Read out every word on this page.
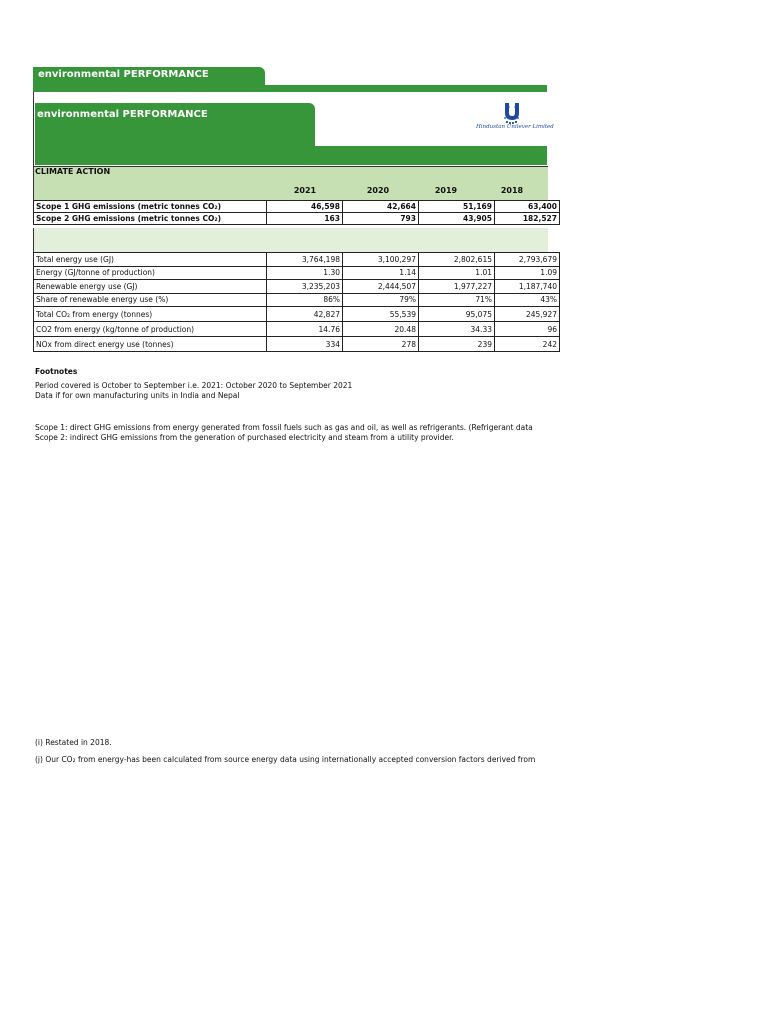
environmental PERFORMANCE
environmental PERFORMANCE
Hindustan Unilever Limited
CLIMATE ACTION
2021	2020	2019	2018
Scope 1 GHG emissions (metric tonnes CO₂)	46,598	42,664	51,169	63,400
Scope 2 GHG emissions (metric tonnes CO₂)	163	793	43,905	182,527
Total energy use (GJ)	3,764,198	3,100,297	2,802,615	2,793,679
Energy (GJ/tonne of production)	1.30	1.14	1.01	1.09
Renewable energy use (GJ)	3,235,203	2,444,507	1,977,227	1,187,740
Share of renewable energy use (%)	86%	79%	71%	43%
Total CO₂ from energy (tonnes)	42,827	55,539	95,075	245,927
CO2 from energy (kg/tonne of production)	14.76	20.48	34.33	96
NOx from direct energy use (tonnes)	334	278	239	242
Footnotes
Period covered is October to September i.e. 2021: October 2020 to September 2021
Data if for own manufacturing units in India and Nepal
Scope 1: direct GHG emissions from energy generated from fossil fuels such as gas and oil, as well as refrigerants. (Refrigerant data
Scope 2: indirect GHG emissions from the generation of purchased electricity and steam from a utility provider.
(i) Restated in 2018.
(j) Our CO₂ from energy-has been calculated from source energy data using internationally accepted conversion factors derived from
